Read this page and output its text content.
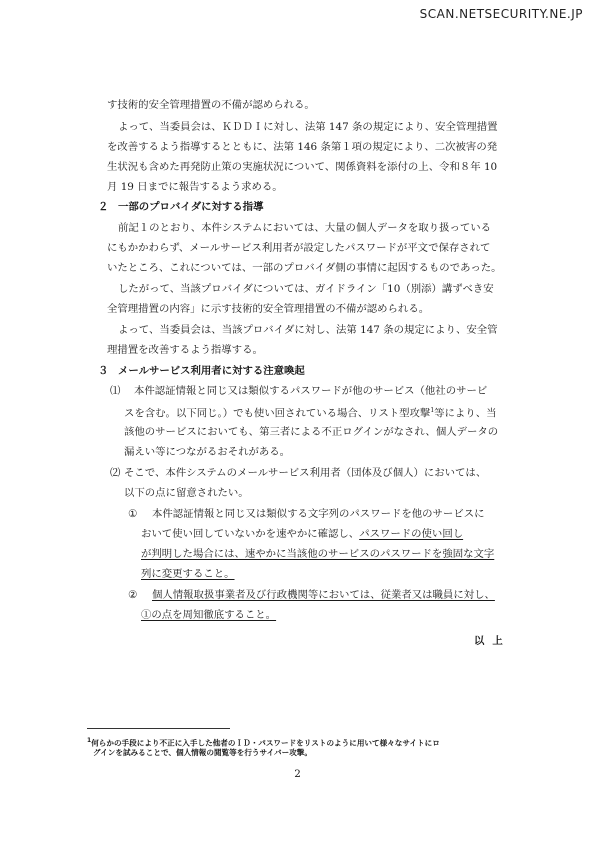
SCAN.NETSECURITY.NE.JP
す技術的安全管理措置の不備が認められる。
よって、当委員会は、ＫＤＤＩに対し、法第 147 条の規定により、安全管理措置
を改善するよう指導するとともに、法第 146 条第１項の規定により、二次被害の発
生状況も含めた再発防止策の実施状況について、関係資料を添付の上、令和８年 10
月 19 日までに報告するよう求める。
２ 一部のプロバイダに対する指導
前記１のとおり、本件システムにおいては、大量の個人データを取り扱っている
にもかかわらず、メールサービス利用者が設定したパスワードが平文で保存されて
いたところ、これについては、一部のプロバイダ側の事情に起因するものであった。
したがって、当該プロバイダについては、ガイドライン「10（別添）講ずべき安
全管理措置の内容」に示す技術的安全管理措置の不備が認められる。
よって、当委員会は、当該プロバイダに対し、法第 147 条の規定により、安全管
理措置を改善するよう指導する。
３ メールサービス利用者に対する注意喚起
⑴ 本件認証情報と同じ又は類似するパスワードが他のサービス（他社のサービ
スを含む。以下同じ。）でも使い回されている場合、リスト型攻撃$^1$等により、当
該他のサービスにおいても、第三者による不正ログインがなされ、個人データの
漏えい等につながるおそれがある。
⑵ そこで、本件システムのメールサービス利用者（団体及び個人）においては、
以下の点に留意されたい。
① 本件認証情報と同じ又は類似する文字列のパスワードを他のサービスに
おいて使い回していないかを速やかに確認し、パスワードの使い回し
が判明した場合には、速やかに当該他のサービスのパスワードを強固な文字
列に変更すること。
② 個人情報取扱事業者及び行政機関等においては、従業者又は職員に対し、
①の点を周知徹底すること。
以上
$^1$何らかの手段により不正に入手した他者のＩＤ・パスワードをリストのように用いて様々なサイトにロ
グインを試みることで、個人情報の閲覧等を行うサイバー攻撃。
2
